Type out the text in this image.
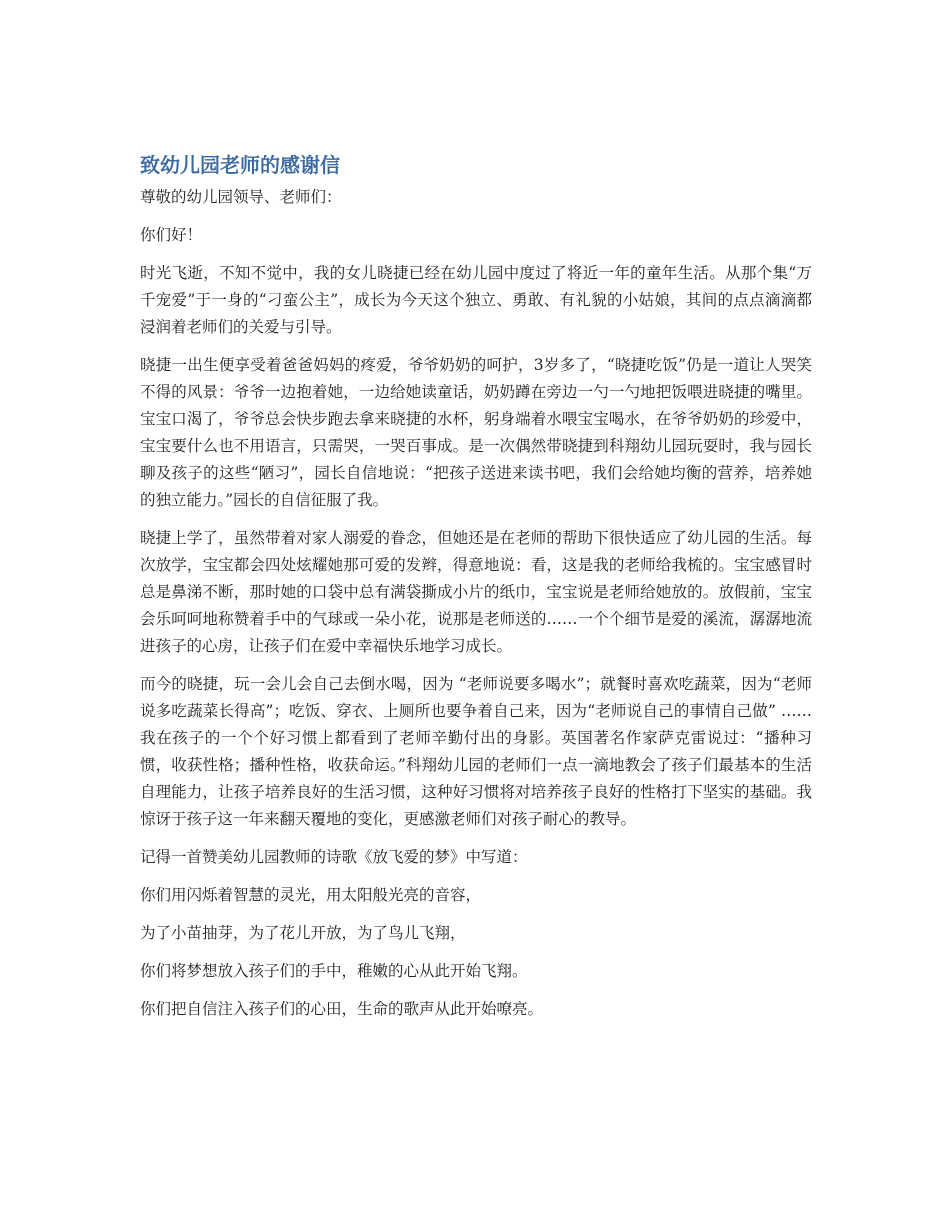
致幼儿园老师的感谢信

尊敬的幼儿园领导、老师们：

你们好！

时光飞逝，不知不觉中，我的女儿晓捷已经在幼儿园中度过了将近一年的童年生活。从那个集“万千宠爱”于一身的“刁蛮公主”，成长为今天这个独立、勇敢、有礼貌的小姑娘，其间的点点滴滴都浸润着老师们的关爱与引导。

晓捷一出生便享受着爸爸妈妈的疼爱，爷爷奶奶的呵护，3岁多了，“晓捷吃饭”仍是一道让人哭笑不得的风景：爷爷一边抱着她，一边给她读童话，奶奶蹲在旁边一勺一勺地把饭喂进晓捷的嘴里。宝宝口渴了，爷爷总会快步跑去拿来晓捷的水杯，躬身端着水喂宝宝喝水，在爷爷奶奶的珍爱中，宝宝要什么也不用语言，只需哭，一哭百事成。是一次偶然带晓捷到科翔幼儿园玩耍时，我与园长聊及孩子的这些“陋习”，园长自信地说：“把孩子送进来读书吧，我们会给她均衡的营养，培养她的独立能力。”园长的自信征服了我。

晓捷上学了，虽然带着对家人溺爱的眷念，但她还是在老师的帮助下很快适应了幼儿园的生活。每次放学，宝宝都会四处炫耀她那可爱的发辫，得意地说：看，这是我的老师给我梳的。宝宝感冒时总是鼻涕不断，那时她的口袋中总有满袋撕成小片的纸巾，宝宝说是老师给她放的。放假前，宝宝会乐呵呵地称赞着手中的气球或一朵小花，说那是老师送的……一个个细节是爱的溪流，潺潺地流进孩子的心房，让孩子们在爱中幸福快乐地学习成长。

而今的晓捷，玩一会儿会自己去倒水喝，因为 “老师说要多喝水”；就餐时喜欢吃蔬菜，因为“老师说多吃蔬菜长得高”；吃饭、穿衣、上厕所也要争着自己来，因为“老师说自己的事情自己做” ……我在孩子的一个个好习惯上都看到了老师辛勤付出的身影。英国著名作家萨克雷说过：“播种习惯，收获性格；播种性格，收获命运。”科翔幼儿园的老师们一点一滴地教会了孩子们最基本的生活自理能力，让孩子培养良好的生活习惯，这种好习惯将对培养孩子良好的性格打下坚实的基础。我惊讶于孩子这一年来翻天覆地的变化，更感激老师们对孩子耐心的教导。

记得一首赞美幼儿园教师的诗歌《放飞爱的梦》中写道：

你们用闪烁着智慧的灵光，用太阳般光亮的音容，

为了小苗抽芽，为了花儿开放，为了鸟儿飞翔，

你们将梦想放入孩子们的手中，稚嫩的心从此开始飞翔。

你们把自信注入孩子们的心田，生命的歌声从此开始嘹亮。
